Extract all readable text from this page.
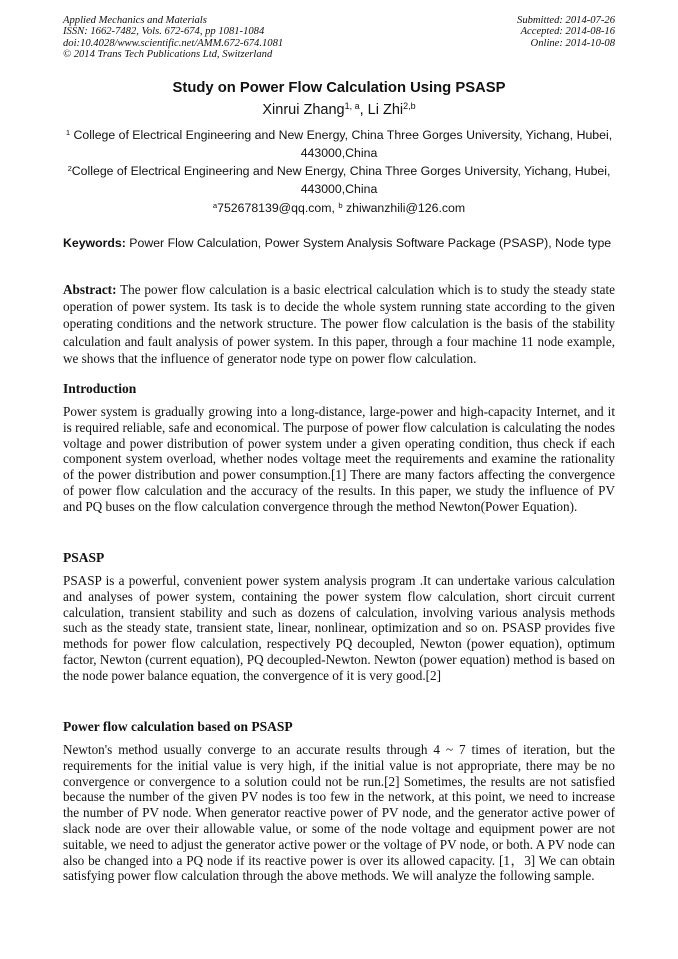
Applied Mechanics and Materials
ISSN: 1662-7482, Vols. 672-674, pp 1081-1084
doi:10.4028/www.scientific.net/AMM.672-674.1081
© 2014 Trans Tech Publications Ltd, Switzerland
Submitted: 2014-07-26
Accepted: 2014-08-16
Online: 2014-10-08
Study on Power Flow Calculation Using PSASP
Xinrui Zhang$^{1, a}$, Li Zhi$^{2,b}$
$^1$ College of Electrical Engineering and New Energy, China Three Gorges University, Yichang, Hubei, 443000,China
$^2$College of Electrical Engineering and New Energy, China Three Gorges University, Yichang, Hubei, 443000,China
$^a$752678139@qq.com, $^b$ zhiwanzhili@126.com
Keywords: Power Flow Calculation, Power System Analysis Software Package (PSASP), Node type
Abstract: The power flow calculation is a basic electrical calculation which is to study the steady state operation of power system. Its task is to decide the whole system running state according to the given operating conditions and the network structure. The power flow calculation is the basis of the stability calculation and fault analysis of power system. In this paper, through a four machine 11 node example, we shows that the influence of generator node type on power flow calculation.
Introduction
Power system is gradually growing into a long-distance, large-power and high-capacity Internet, and it is required reliable, safe and economical. The purpose of power flow calculation is calculating the nodes voltage and power distribution of power system under a given operating condition, thus check if each component system overload, whether nodes voltage meet the requirements and examine the rationality of the power distribution and power consumption.[1] There are many factors affecting the convergence of power flow calculation and the accuracy of the results. In this paper, we study the influence of PV and PQ buses on the flow calculation convergence through the method Newton(Power Equation).
PSASP
PSASP is a powerful, convenient power system analysis program .It can undertake various calculation and analyses of power system, containing the power system flow calculation, short circuit current calculation, transient stability and such as dozens of calculation, involving various analysis methods such as the steady state, transient state, linear, nonlinear, optimization and so on. PSASP provides five methods for power flow calculation, respectively PQ decoupled, Newton (power equation), optimum factor, Newton (current equation), PQ decoupled-Newton. Newton (power equation) method is based on the node power balance equation, the convergence of it is very good.[2]
Power flow calculation based on PSASP
Newton's method usually converge to an accurate results through 4 ~ 7 times of iteration, but the requirements for the initial value is very high, if the initial value is not appropriate, there may be no convergence or convergence to a solution could not be run.[2] Sometimes, the results are not satisfied because the number of the given PV nodes is too few in the network, at this point, we need to increase the number of PV node. When generator reactive power of PV node, and the generator active power of slack node are over their allowable value, or some of the node voltage and equipment power are not suitable, we need to adjust the generator active power or the voltage of PV node, or both. A PV node can also be changed into a PQ node if its reactive power is over its allowed capacity. [1，3] We can obtain satisfying power flow calculation through the above methods. We will analyze the following sample.
